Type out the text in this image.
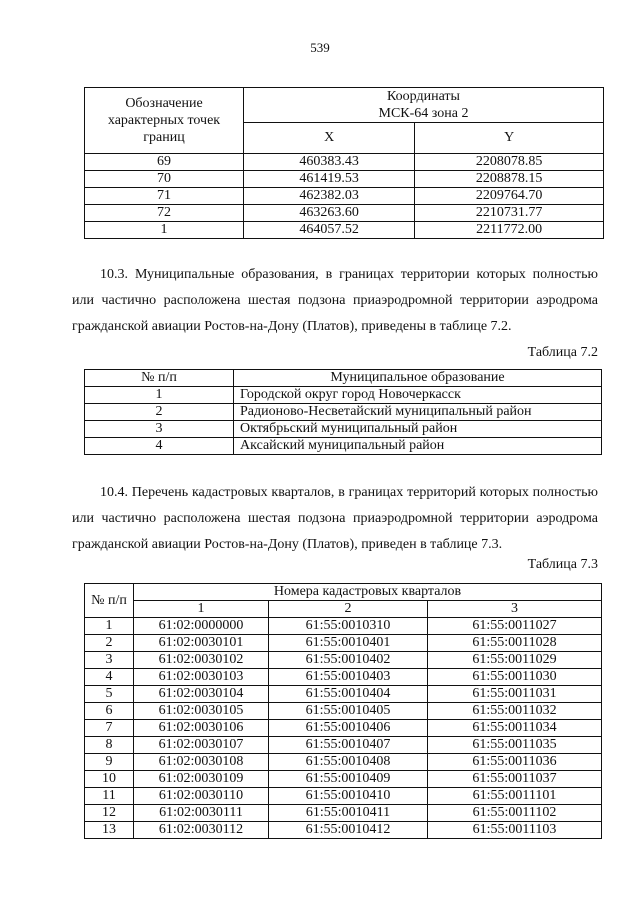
539
Обозначение характерных точек границ	Координаты
МСК-64 зона 2	

	X	Y
69	460383.43	2208078.85
70	461419.53	2208878.15
71	462382.03	2209764.70
72	463263.60	2210731.77
1	464057.52	2211772.00
10.3. Муниципальные образования, в границах территории которых полностью или частично расположена шестая подзона приаэродромной территории аэродрома гражданской авиации Ростов-на-Дону (Платов), приведены в таблице 7.2.
Таблица 7.2
№ п/п	Муниципальное образование
1	Городской округ город Новочеркасск
2	Радионово-Несветайский муниципальный район
3	Октябрьский муниципальный район
4	Аксайский муниципальный район
10.4. Перечень кадастровых кварталов, в границах территорий которых полностью или частично расположена шестая подзона приаэродромной территории аэродрома гражданской авиации Ростов-на-Дону (Платов), приведен в таблице 7.3.
Таблица 7.3
№ п/п	Номера кадастровых кварталов		
	1	2	3
1	61:02:0000000	61:55:0010310	61:55:0011027
2	61:02:0030101	61:55:0010401	61:55:0011028
3	61:02:0030102	61:55:0010402	61:55:0011029
4	61:02:0030103	61:55:0010403	61:55:0011030
5	61:02:0030104	61:55:0010404	61:55:0011031
6	61:02:0030105	61:55:0010405	61:55:0011032
7	61:02:0030106	61:55:0010406	61:55:0011034
8	61:02:0030107	61:55:0010407	61:55:0011035
9	61:02:0030108	61:55:0010408	61:55:0011036
10	61:02:0030109	61:55:0010409	61:55:0011037
11	61:02:0030110	61:55:0010410	61:55:0011101
12	61:02:0030111	61:55:0010411	61:55:0011102
13	61:02:0030112	61:55:0010412	61:55:0011103
